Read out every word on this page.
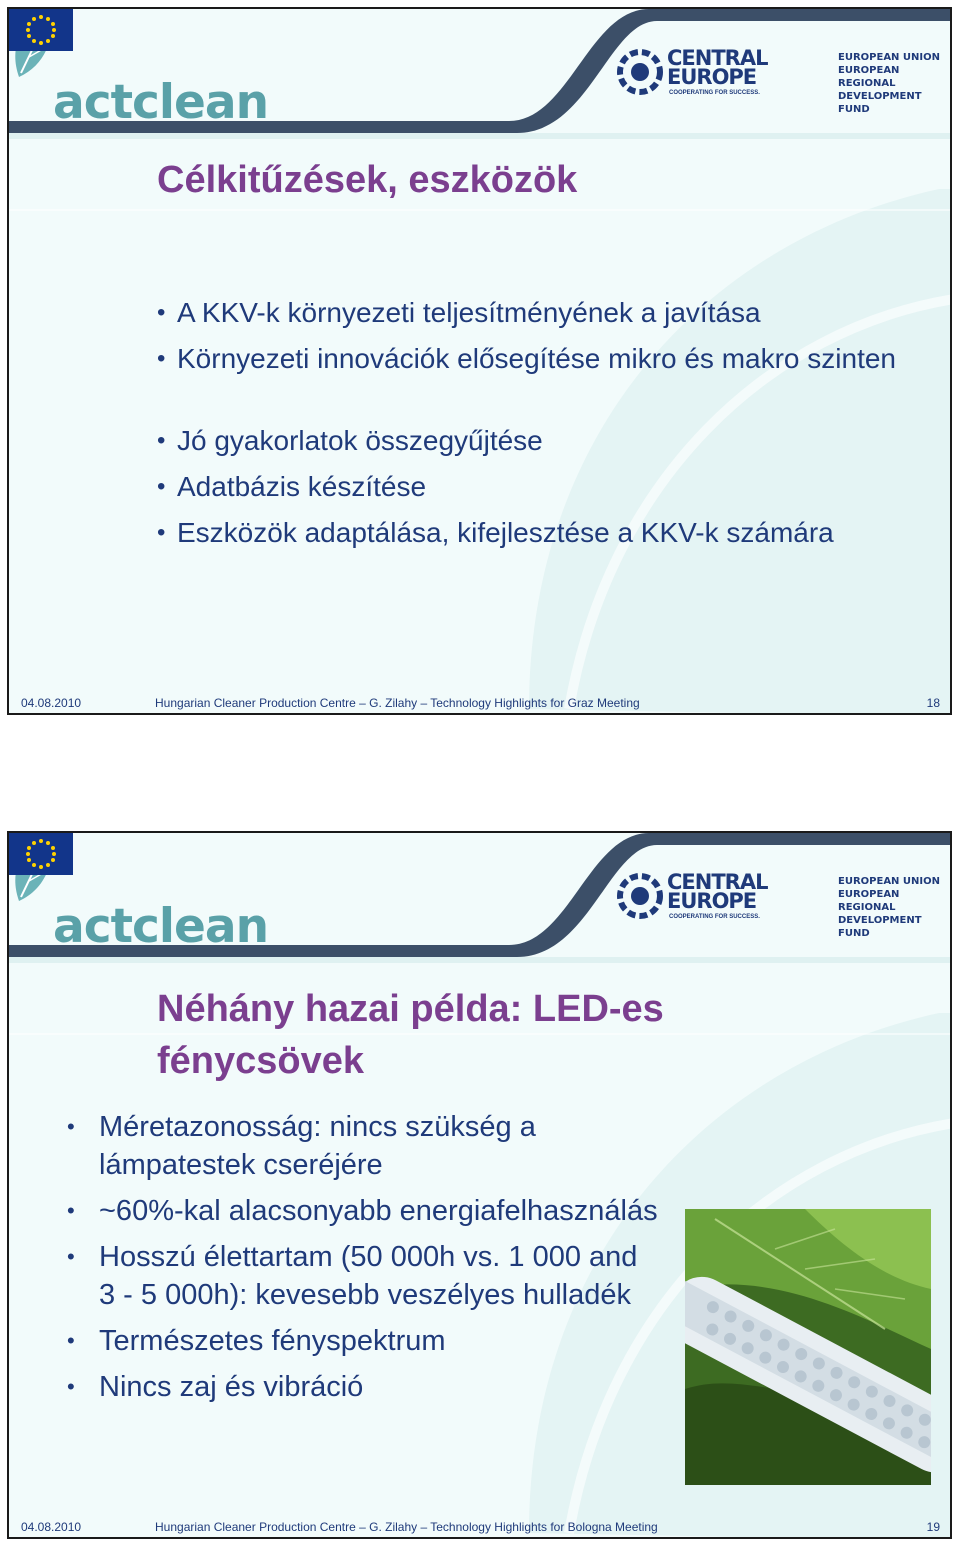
actclean
CENTRAL
EUROPE
COOPERATING FOR SUCCESS.
EUROPEAN UNION
EUROPEAN REGIONAL
DEVELOPMENT FUND
Célkitűzések, eszközök
• A KKV-k környezeti teljesítményének a javítása
• Környezeti innovációk elősegítése mikro és makro szinten
• Jó gyakorlatok összegyűjtése
• Adatbázis készítése
• Eszközök adaptálása, kifejlesztése a KKV-k számára
04.08.2010	Hungarian Cleaner Production Centre – G. Zilahy – Technology Highlights for Graz Meeting	18
actclean
CENTRAL
EUROPE
COOPERATING FOR SUCCESS.
EUROPEAN UNION
EUROPEAN REGIONAL
DEVELOPMENT FUND
Néhány hazai példa: LED-es fénycsövek
• Méretazonosság: nincs szükség a lámpatestek cseréjére
• ~60%-kal alacsonyabb energiafelhasználás
• Hosszú élettartam (50 000h vs. 1 000 and    3 - 5 000h): kevesebb veszélyes hulladék
• Természetes fényspektrum
• Nincs zaj és vibráció
04.08.2010	Hungarian Cleaner Production Centre – G. Zilahy – Technology Highlights for Bologna Meeting	19
